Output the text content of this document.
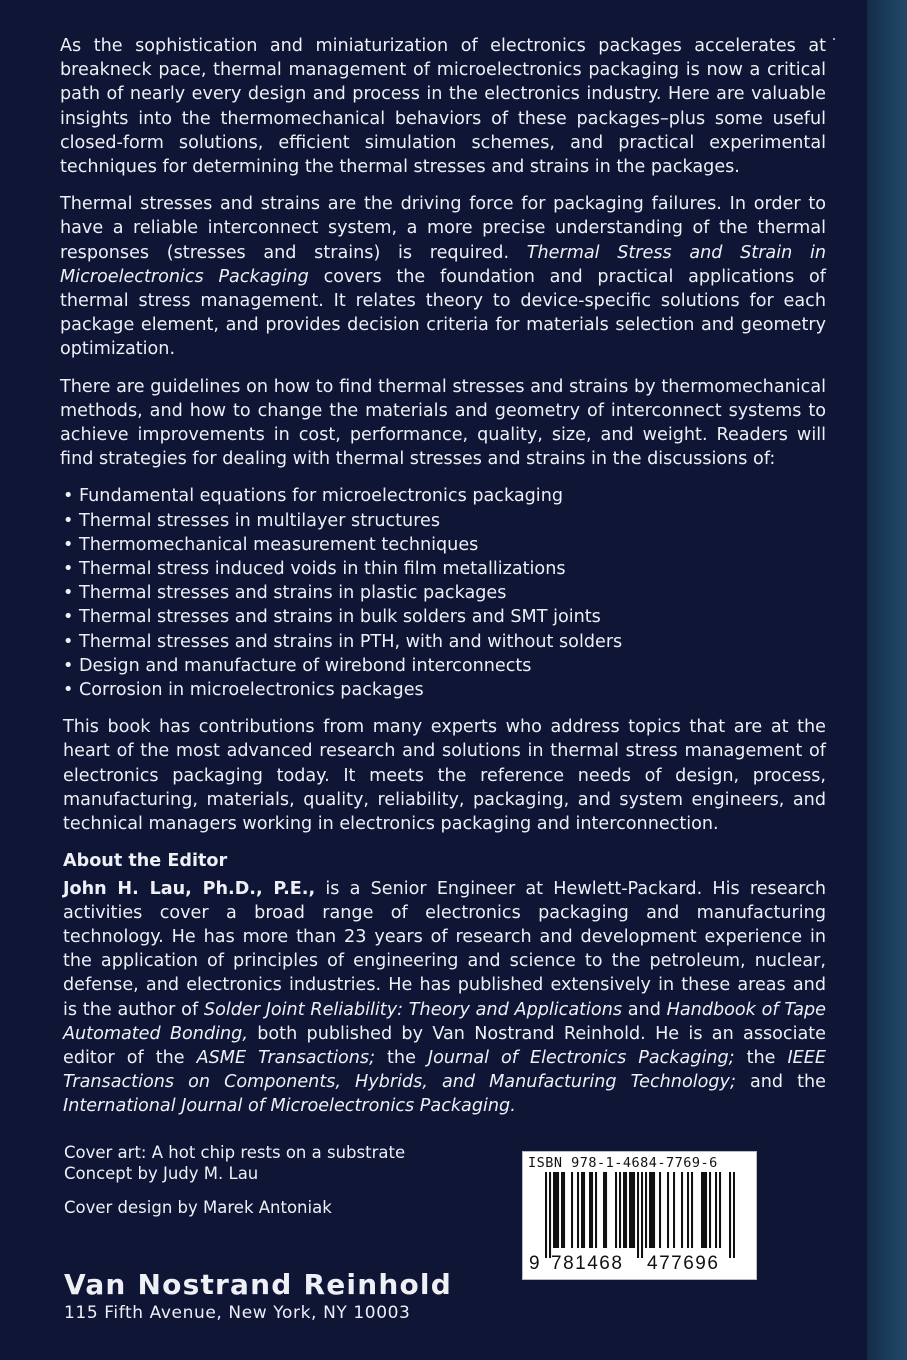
As the sophistication and miniaturization of electronics packages accelerates at breakneck pace, thermal management of microelectronics packaging is now a critical path of nearly every design and process in the electronics industry. Here are valuable insights into the thermomechanical behaviors of these packages–plus some useful closed-form solutions, efficient simulation schemes, and practical experimental techniques for determining the thermal stresses and strains in the packages.

Thermal stresses and strains are the driving force for packaging failures. In order to have a reliable interconnect system, a more precise understanding of the thermal responses (stresses and strains) is required. Thermal Stress and Strain in Microelectronics Packaging covers the foundation and practical applications of thermal stress management. It relates theory to device-specific solutions for each package element, and provides decision criteria for materials selection and geometry optimization.

There are guidelines on how to find thermal stresses and strains by thermomechanical methods, and how to change the materials and geometry of interconnect systems to achieve improvements in cost, performance, quality, size, and weight. Readers will find strategies for dealing with thermal stresses and strains in the discussions of:

• Fundamental equations for microelectronics packaging
• Thermal stresses in multilayer structures
• Thermomechanical measurement techniques
• Thermal stress induced voids in thin film metallizations
• Thermal stresses and strains in plastic packages
• Thermal stresses and strains in bulk solders and SMT joints
• Thermal stresses and strains in PTH, with and without solders
• Design and manufacture of wirebond interconnects
• Corrosion in microelectronics packages

This book has contributions from many experts who address topics that are at the heart of the most advanced research and solutions in thermal stress management of electronics packaging today. It meets the reference needs of design, process, manufacturing, materials, quality, reliability, packaging, and system engineers, and technical managers working in electronics packaging and interconnection.

About the Editor

John H. Lau, Ph.D., P.E., is a Senior Engineer at Hewlett-Packard. His research activities cover a broad range of electronics packaging and manufacturing technology. He has more than 23 years of research and development experience in the application of principles of engineering and science to the petroleum, nuclear, defense, and electronics industries. He has published extensively in these areas and is the author of Solder Joint Reliability: Theory and Applications and Handbook of Tape Automated Bonding, both published by Van Nostrand Reinhold. He is an associate editor of the ASME Transactions; the Journal of Electronics Packaging; the IEEE Transactions on Components, Hybrids, and Manufacturing Technology; and the International Journal of Microelectronics Packaging.

Cover art: A hot chip rests on a substrate
Concept by Judy M. Lau
Cover design by Marek Antoniak
Van Nostrand Reinhold
115 Fifth Avenue, New York, NY 10003
ISBN 978-1-4684-7769-6
9 781468 477696
